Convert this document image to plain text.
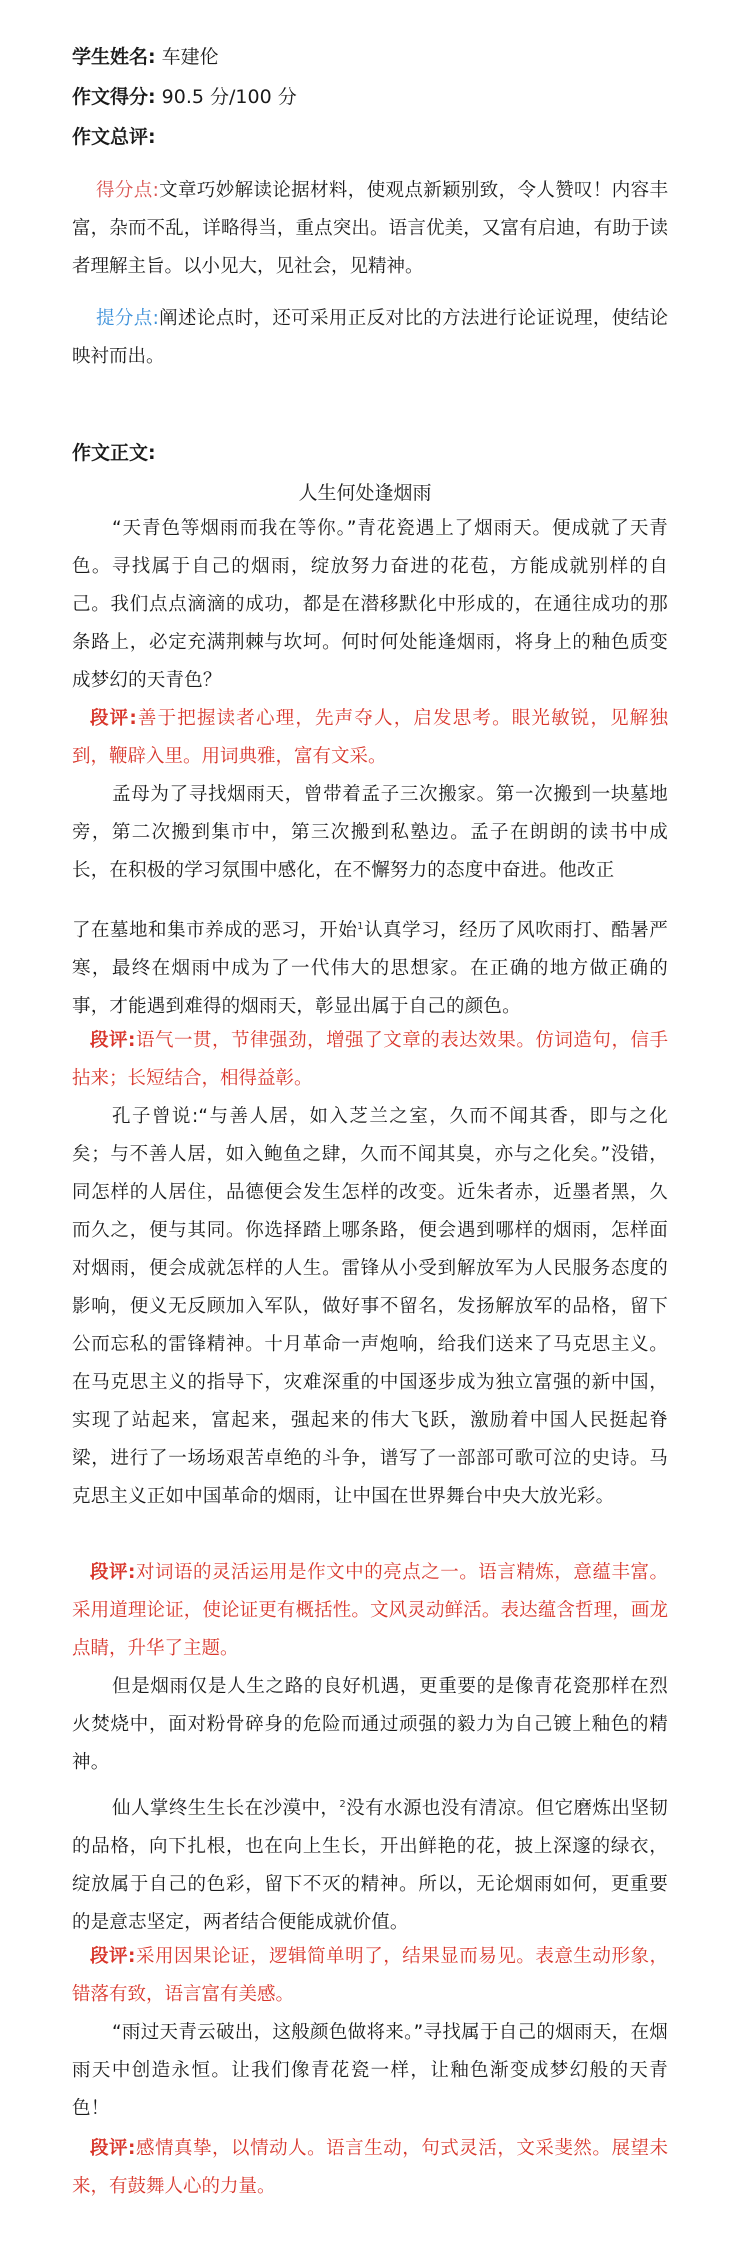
学生姓名: 车建伦
作文得分: 90.5 分/100 分
作文总评:
得分点:文章巧妙解读论据材料，使观点新颖别致，令人赞叹！内容丰富，杂而不乱，详略得当，重点突出。语言优美，又富有启迪，有助于读者理解主旨。以小见大，见社会，见精神。
提分点:阐述论点时，还可采用正反对比的方法进行论证说理，使结论映衬而出。
作文正文:
人生何处逢烟雨
“天青色等烟雨而我在等你。”青花瓷遇上了烟雨天。便成就了天青色。寻找属于自己的烟雨，绽放努力奋进的花苞，方能成就别样的自己。我们点点滴滴的成功，都是在潜移默化中形成的，在通往成功的那条路上，必定充满荆棘与坎坷。何时何处能逢烟雨，将身上的釉色质变成梦幻的天青色？
段评:善于把握读者心理，先声夺人，启发思考。眼光敏锐，见解独到，鞭辟入里。用词典雅，富有文采。
孟母为了寻找烟雨天，曾带着孟子三次搬家。第一次搬到一块墓地旁，第二次搬到集市中，第三次搬到私塾边。孟子在朗朗的读书中成长，在积极的学习氛围中感化，在不懈努力的态度中奋进。他改正
了在墓地和集市养成的恶习，开始$^1$认真学习，经历了风吹雨打、酷暑严寒，最终在烟雨中成为了一代伟大的思想家。在正确的地方做正确的事，才能遇到难得的烟雨天，彰显出属于自己的颜色。
段评:语气一贯，节律强劲，增强了文章的表达效果。仿词造句，信手拈来；长短结合，相得益彰。
孔子曾说:“与善人居，如入芝兰之室，久而不闻其香，即与之化矣；与不善人居，如入鲍鱼之肆，久而不闻其臭，亦与之化矣。”没错，同怎样的人居住，品德便会发生怎样的改变。近朱者赤，近墨者黑，久而久之，便与其同。你选择踏上哪条路，便会遇到哪样的烟雨，怎样面对烟雨，便会成就怎样的人生。雷锋从小受到解放军为人民服务态度的影响，便义无反顾加入军队，做好事不留名，发扬解放军的品格，留下公而忘私的雷锋精神。十月革命一声炮响，给我们送来了马克思主义。在马克思主义的指导下，灾难深重的中国逐步成为独立富强的新中国，实现了站起来，富起来，强起来的伟大飞跃，激励着中国人民挺起脊梁，进行了一场场艰苦卓绝的斗争，谱写了一部部可歌可泣的史诗。马克思主义正如中国革命的烟雨，让中国在世界舞台中央大放光彩。
段评:对词语的灵活运用是作文中的亮点之一。语言精炼，意蕴丰富。采用道理论证，使论证更有概括性。文风灵动鲜活。表达蕴含哲理，画龙点睛，升华了主题。
但是烟雨仅是人生之路的良好机遇，更重要的是像青花瓷那样在烈火焚烧中，面对粉骨碎身的危险而通过顽强的毅力为自己镀上釉色的精神。
仙人掌终生生长在沙漠中，$^2$没有水源也没有清凉。但它磨炼出坚韧的品格，向下扎根，也在向上生长，开出鲜艳的花，披上深邃的绿衣，绽放属于自己的色彩，留下不灭的精神。所以，无论烟雨如何，更重要的是意志坚定，两者结合便能成就价值。
段评:采用因果论证，逻辑简单明了，结果显而易见。表意生动形象，错落有致，语言富有美感。
“雨过天青云破出，这般颜色做将来。”寻找属于自己的烟雨天，在烟雨天中创造永恒。让我们像青花瓷一样，让釉色渐变成梦幻般的天青色！
段评:感情真挚，以情动人。语言生动，句式灵活，文采斐然。展望未来，有鼓舞人心的力量。
